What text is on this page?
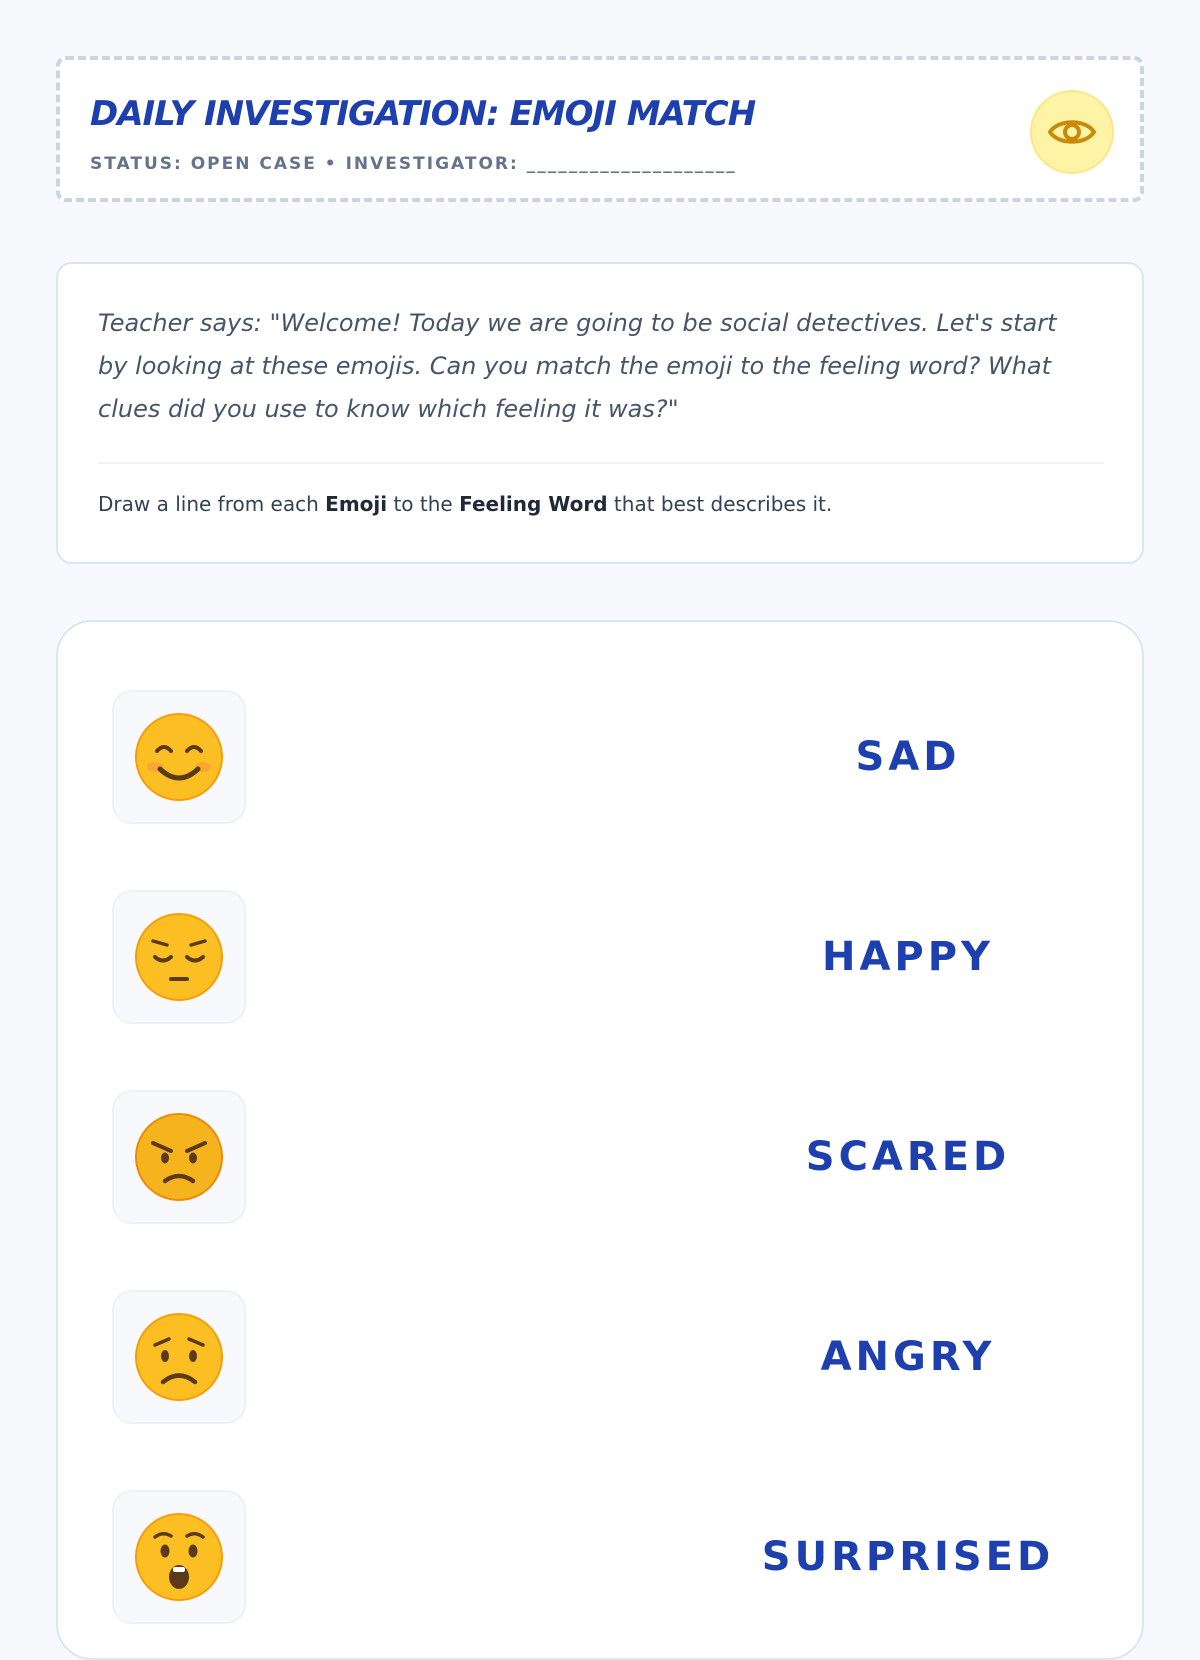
DAILY INVESTIGATION: EMOJI MATCH
STATUS: OPEN CASE • INVESTIGATOR: ____________________

Teacher says: "Welcome! Today we are going to be social detectives. Let's start by looking at these emojis. Can you match the emoji to the feeling word? What clues did you use to know which feeling it was?"

Draw a line from each Emoji to the Feeling Word that best describes it.

SAD
HAPPY
SCARED
ANGRY
SURPRISED
